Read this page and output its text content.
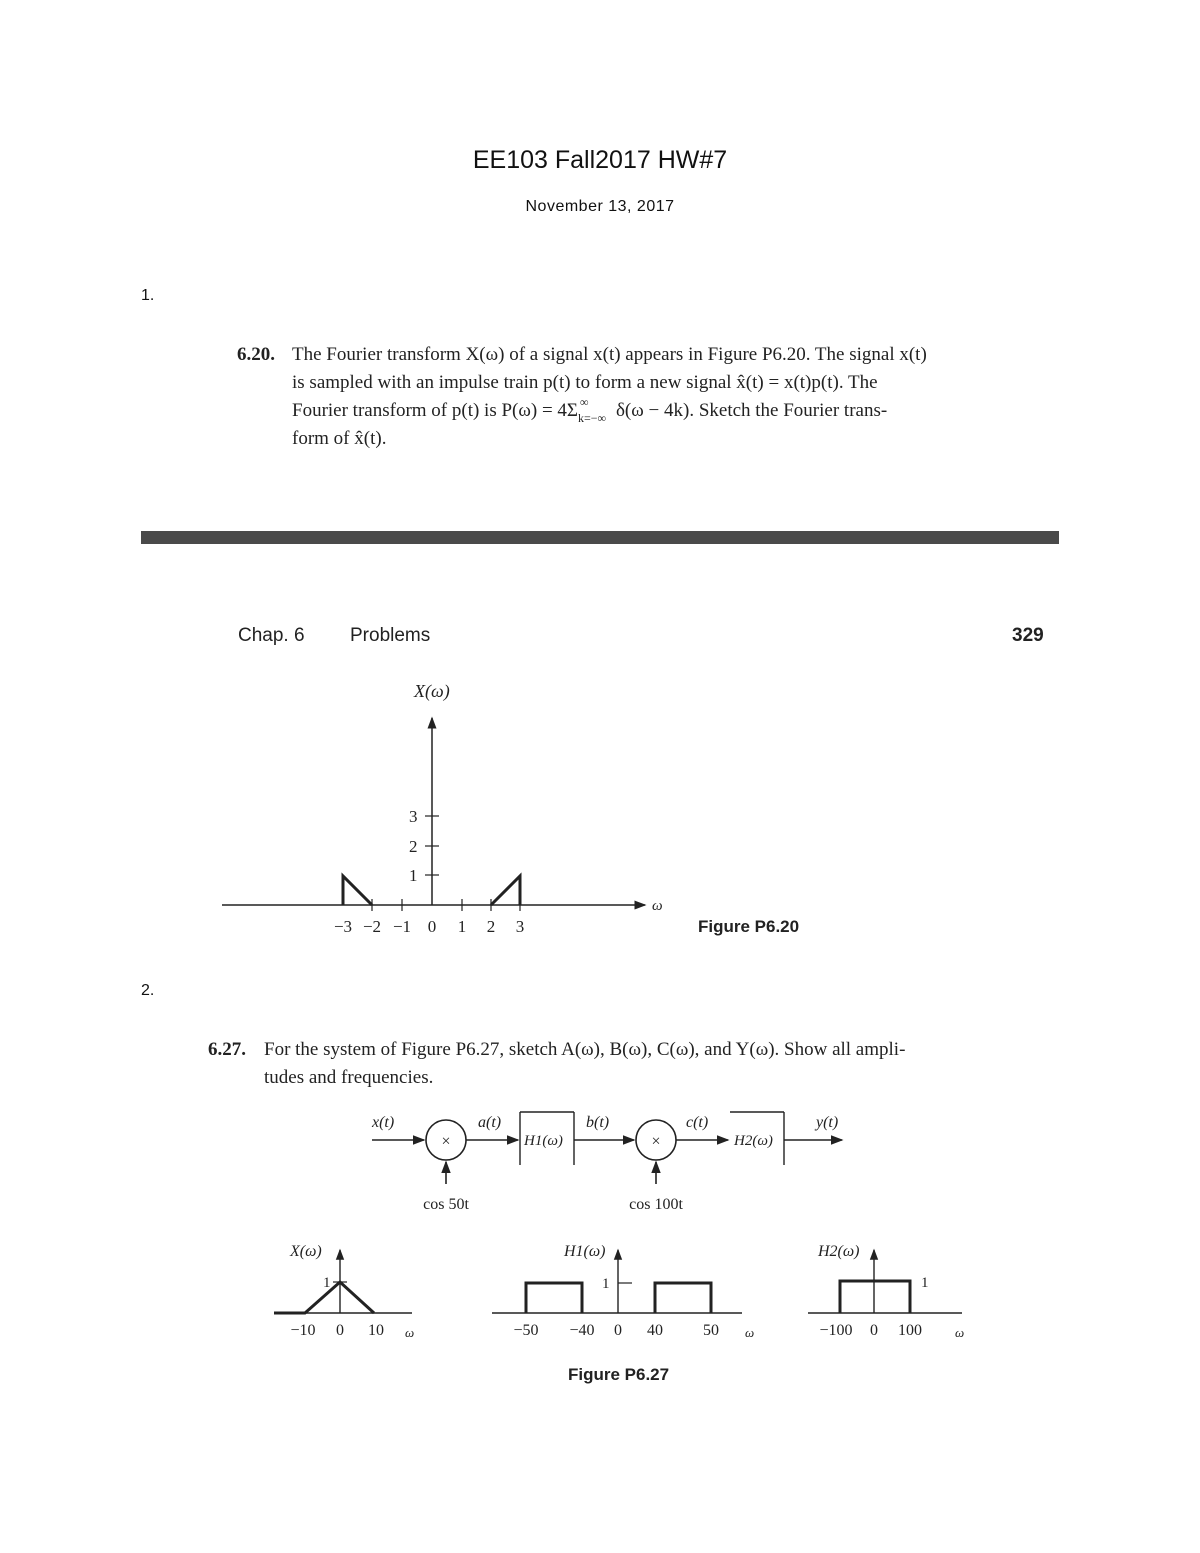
EE103 Fall2017 HW#7
November 13, 2017
1.
6.20. The Fourier transform X(ω) of a signal x(t) appears in Figure P6.20. The signal x(t)
is sampled with an impulse train p(t) to form a new signal x̂(t) = x(t)p(t). The
Fourier transform of p(t) is P(ω) = 4Σ ∞
k=−∞ δ(ω − 4k). Sketch the Fourier trans-
form of x̂(t).
Chap. 6 Problems	329
X(ω)
ω
3
2
1
−3 −2 −1 0 1 2 3	Figure P6.20
2.
6.27. For the system of Figure P6.27, sketch A(ω), B(ω), C(ω), and Y(ω). Show all ampli-
tudes and frequencies.
×	×
x(t)	a(t)	b(t)	c(t)	y(t)
H1(ω)	H2(ω)
cos 50t	cos 100t
X(ω)
1
−10 0 10 ω
H1(ω)
1
−50 −40 0 40	50 ω
H2(ω)
1
−100 0 100	ω
Figure P6.27
